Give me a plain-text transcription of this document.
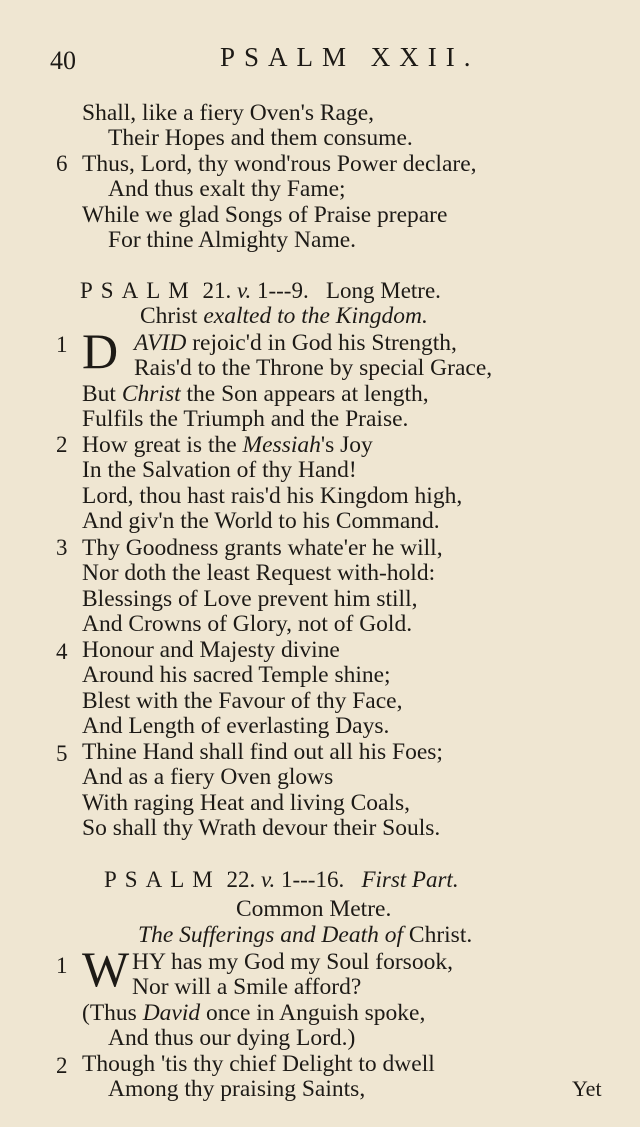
40	PSALM XXII.
Shall, like a fiery Oven's Rage,
Their Hopes and them consume.
6 Thus, Lord, thy wond'rous Power declare,
And thus exalt thy Fame;
While we glad Songs of Praise prepare
For thine Almighty Name.
PSALM 21. v. 1---9. Long Metre.
Christ exalted to the Kingdom.
1 D AVID rejoic'd in God his Strength,
Rais'd to the Throne by special Grace,
But Christ the Son appears at length,
Fulfils the Triumph and the Praise.
2 How great is the Messiah's Joy
In the Salvation of thy Hand!
Lord, thou hast rais'd his Kingdom high,
And giv'n the World to his Command.
3 Thy Goodness grants whate'er he will,
Nor doth the least Request with-hold:
Blessings of Love prevent him still,
And Crowns of Glory, not of Gold.
4 Honour and Majesty divine
Around his sacred Temple shine;
Blest with the Favour of thy Face,
And Length of everlasting Days.
5 Thine Hand shall find out all his Foes;
And as a fiery Oven glows
With raging Heat and living Coals,
So shall thy Wrath devour their Souls.
PSALM 22. v. 1---16. First Part.
Common Metre.
The Sufferings and Death of Christ.
1 W HY has my God my Soul forsook,
Nor will a Smile afford?
(Thus David once in Anguish spoke,
And thus our dying Lord.)
2 Though 'tis thy chief Delight to dwell
Among thy praising Saints,	Yet
